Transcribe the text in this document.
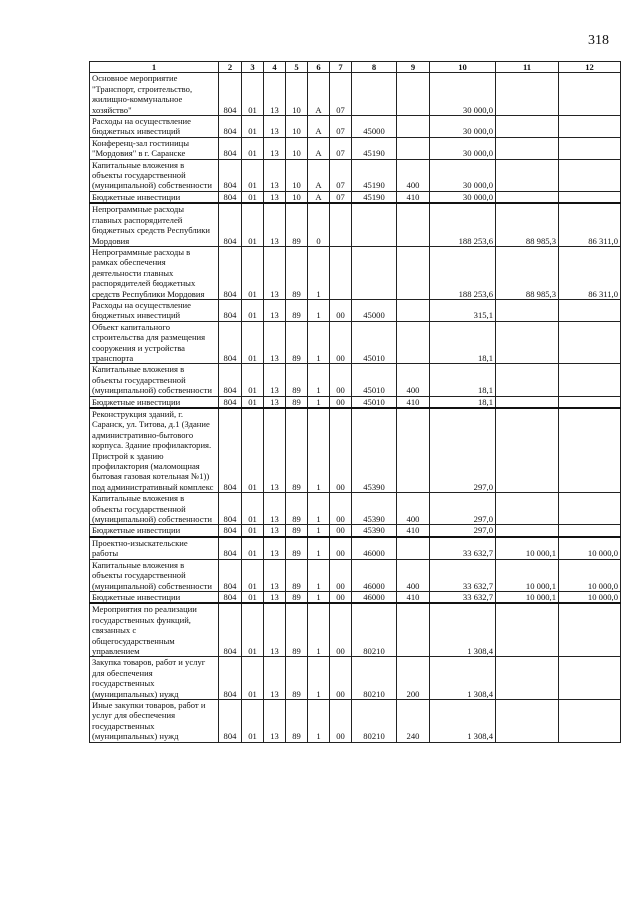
318
1	2	3	4	5	6	7	8	9	10	11	12
Основное мероприятие "Транспорт, строительство, жилищно-коммунальное хозяйство"	804	01	13	10	А	07			30 000,0		
Расходы на осуществление бюджетных инвестиций	804	01	13	10	А	07	45000		30 000,0		
Конференц-зал гостиницы "Мордовия" в г. Саранске	804	01	13	10	А	07	45190		30 000,0		
Капитальные вложения в объекты государственной (муниципальной) собственности	804	01	13	10	А	07	45190	400	30 000,0		
Бюджетные инвестиции	804	01	13	10	А	07	45190	410	30 000,0		
Непрограммные расходы главных распорядителей бюджетных средств Республики Мордовия	804	01	13	89	0				188 253,6	88 985,3	86 311,0
Непрограммные расходы в рамках обеспечения деятельности главных распорядителей бюджетных средств Республики Мордовия	804	01	13	89	1				188 253,6	88 985,3	86 311,0
Расходы на осуществление бюджетных инвестиций	804	01	13	89	1	00	45000		315,1		
Объект капитального строительства для размещения сооружения и устройства транспорта	804	01	13	89	1	00	45010		18,1		
Капитальные вложения в объекты государственной (муниципальной) собственности	804	01	13	89	1	00	45010	400	18,1		
Бюджетные инвестиции	804	01	13	89	1	00	45010	410	18,1		
Реконструкция зданий, г. Саранск, ул. Титова, д.1 (Здание административно-бытового корпуса. Здание профилактория. Пристрой к зданию профилактория (маломощная бытовая газовая котельная №1)) под административный комплекс	804	01	13	89	1	00	45390		297,0		
Капитальные вложения в объекты государственной (муниципальной) собственности	804	01	13	89	1	00	45390	400	297,0		
Бюджетные инвестиции	804	01	13	89	1	00	45390	410	297,0		
Проектно-изыскательские работы	804	01	13	89	1	00	46000		33 632,7	10 000,1	10 000,0
Капитальные вложения в объекты государственной (муниципальной) собственности	804	01	13	89	1	00	46000	400	33 632,7	10 000,1	10 000,0
Бюджетные инвестиции	804	01	13	89	1	00	46000	410	33 632,7	10 000,1	10 000,0
Мероприятия по реализации государственных функций, связанных с общегосударственным управлением	804	01	13	89	1	00	80210		1 308,4		
Закупка товаров, работ и услуг для обеспечения государственных (муниципальных) нужд	804	01	13	89	1	00	80210	200	1 308,4		
Иные закупки товаров, работ и услуг для обеспечения государственных (муниципальных) нужд	804	01	13	89	1	00	80210	240	1 308,4		
